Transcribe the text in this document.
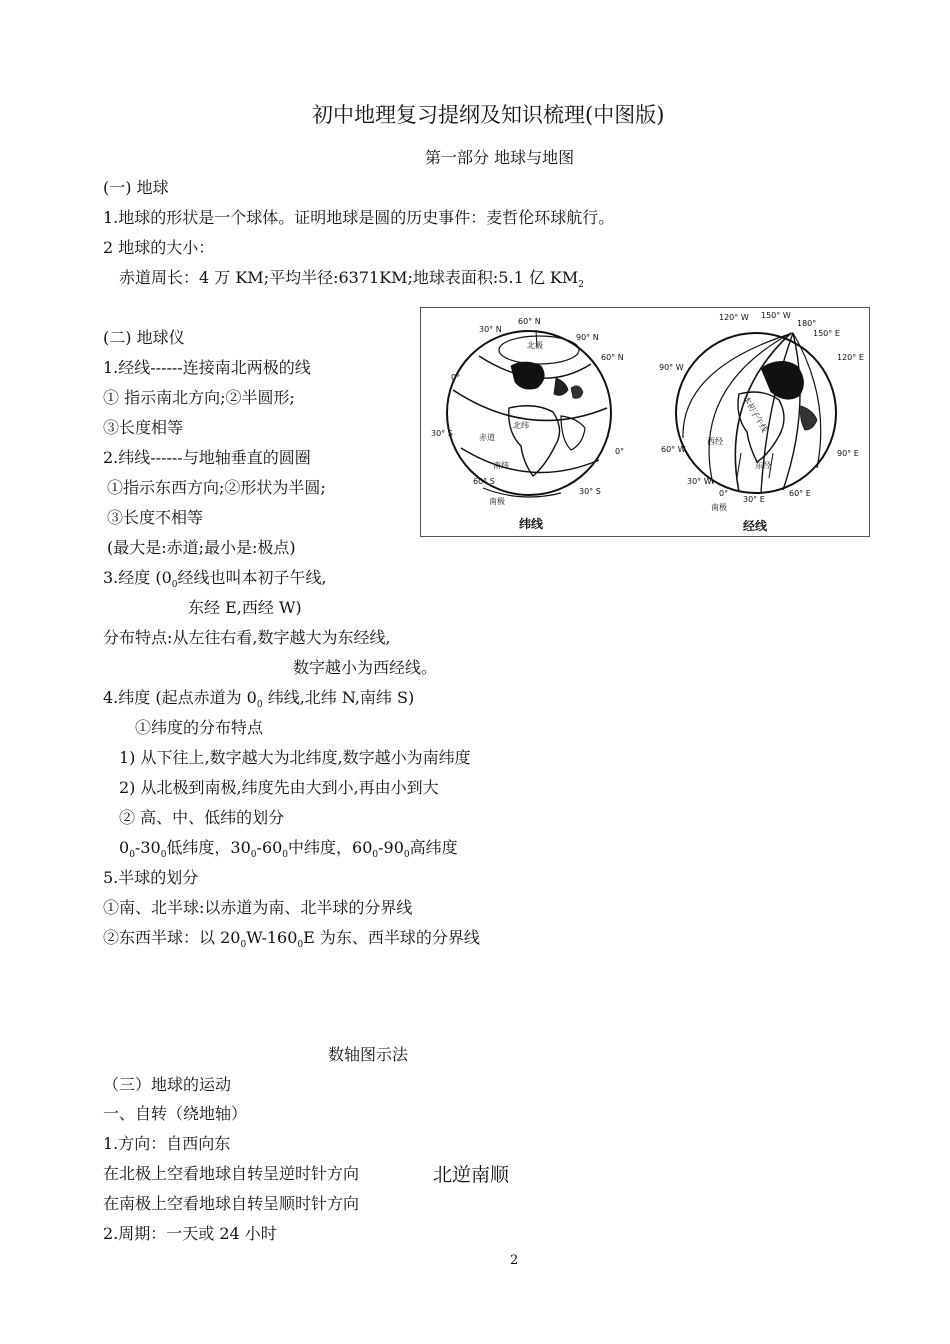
初中地理复习提纲及知识梳理(中图版)
第一部分 地球与地图
(一) 地球
1.地球的形状是一个球体。证明地球是圆的历史事件：麦哲伦环球航行。
2 地球的大小：
赤道周长：4 万 KM;平均半径:6371KM;地球表面积:5.1 亿 $KM_2$
(二) 地球仪
1.经线------连接南北两极的线
① 指示南北方向;②半圆形;
③长度相等
2.纬线------与地轴垂直的圆圈
①指示东西方向;②形状为半圆;
③长度不相等
(最大是:赤道;最小是:极点)
3.经度 ($0_0$经线也叫本初子午线,
东经 E,西经 W)
分布特点:从左往右看,数字越大为东经线,
数字越小为西经线。
4.纬度 (起点赤道为 $0_0$ 纬线,北纬 N,南纬 S)
①纬度的分布特点
1) 从下往上,数字越大为北纬度,数字越小为南纬度
2) 从北极到南极,纬度先由大到小,再由小到大
② 高、中、低纬的划分
$0_0-30_0$低纬度，$30_0-60_0$中纬度，$60_0-90_0$高纬度
5.半球的划分
①南、北半球:以赤道为南、北半球的分界线
②东西半球：以 $20_0W-160_0E$ 为东、西半球的分界线
60° N
30° N
90° N
60° N
北极
0°
30° S
0°
30° S
60° S
南极
赤道
北纬
南纬
纬线
120° W 150° W
180°
150° E
120° E
90° W
90° E
60° W
30° W
0°
30° E
60° E
南极
西经
东经
本初子午线
经线
数轴图示法
（三）地球的运动
一、自转（绕地轴）
1.方向：自西向东
在北极上空看地球自转呈逆时针方向	北逆南顺
在南极上空看地球自转呈顺时针方向
2.周期：一天或 24 小时
2
